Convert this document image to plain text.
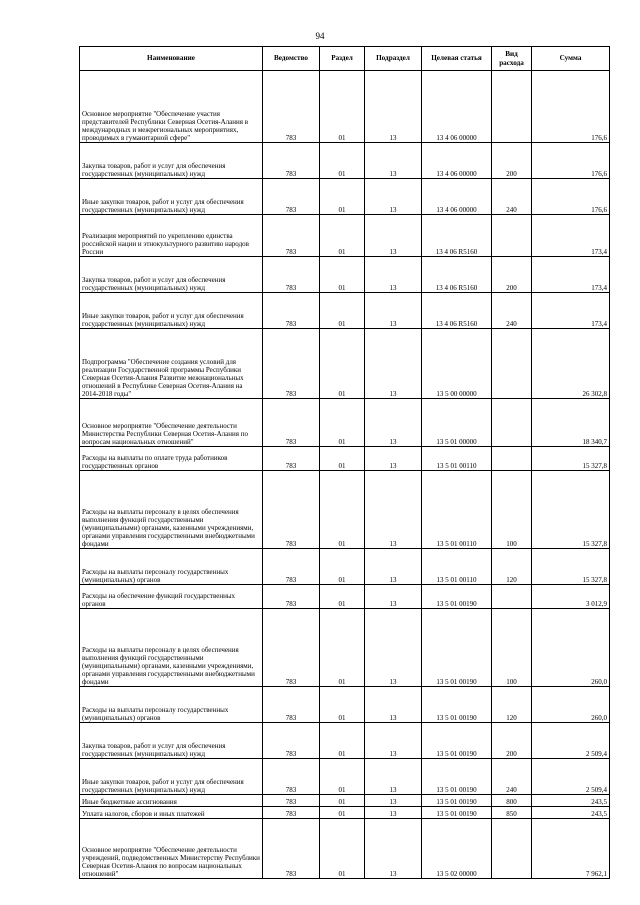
94
Наименование	Ведомство	Раздел	Подраздел	Целевая статья	Вид расхода	Сумма
Основное мероприятие "Обеспечение участия представителей Республики Северная Осетия-Алания в международных и межрегиональных мероприятиях, проводимых в гуманитарной сфере"	783	01	13	13 4 06 00000		176,6
Закупка товаров, работ и услуг для обеспечения государственных (муниципальных) нужд	783	01	13	13 4 06 00000	200	176,6
Иные закупки товаров, работ и услуг для обеспечения государственных (муниципальных) нужд	783	01	13	13 4 06 00000	240	176,6
Реализация мероприятий по укреплению единства российской нации и этнокультурного развитию народов России	783	01	13	13 4 06 R5160		173,4
Закупка товаров, работ и услуг для обеспечения государственных (муниципальных) нужд	783	01	13	13 4 06 R5160	200	173,4
Иные закупки товаров, работ и услуг для обеспечения государственных (муниципальных) нужд	783	01	13	13 4 06 R5160	240	173,4
Подпрограмма "Обеспечение создания условий для реализации Государственной программы Республики Северная Осетия-Алания Развитие межнациональных отношений в Республике Северная Осетия-Алания на 2014-2018 годы"	783	01	13	13 5 00 00000		26 302,8
Основное мероприятие "Обеспечение деятельности Министерства Республики Северная Осетия-Алания по вопросам национальных отношений"	783	01	13	13 5 01 00000		18 340,7
Расходы на выплаты по оплате труда работников государственных органов	783	01	13	13 5 01 00110		15 327,8
Расходы на выплаты персоналу в целях обеспечения выполнения функций государственными (муниципальными) органами, казенными учреждениями, органами управления государственными внебюджетными фондами	783	01	13	13 5 01 00110	100	15 327,8
Расходы на выплаты персоналу государственных (муниципальных) органов	783	01	13	13 5 01 00110	120	15 327,8
Расходы на обеспечение функций государственных органов	783	01	13	13 5 01 00190		3 012,9
Расходы на выплаты персоналу в целях обеспечения выполнения функций государственными (муниципальными) органами, казенными учреждениями, органами управления государственными внебюджетными фондами	783	01	13	13 5 01 00190	100	260,0
Расходы на выплаты персоналу государственных (муниципальных) органов	783	01	13	13 5 01 00190	120	260,0
Закупка товаров, работ и услуг для обеспечения государственных (муниципальных) нужд	783	01	13	13 5 01 00190	200	2 509,4
Иные закупки товаров, работ и услуг для обеспечения государственных (муниципальных) нужд	783	01	13	13 5 01 00190	240	2 509,4
Иные бюджетные ассигнования	783	01	13	13 5 01 00190	800	243,5
Уплата налогов, сборов и иных платежей	783	01	13	13 5 01 00190	850	243,5
Основное мероприятие "Обеспечение деятельности учреждений, подведомственных Министерству Республики Северная Осетия-Алания по вопросам национальных отношений"	783	01	13	13 5 02 00000		7 962,1
